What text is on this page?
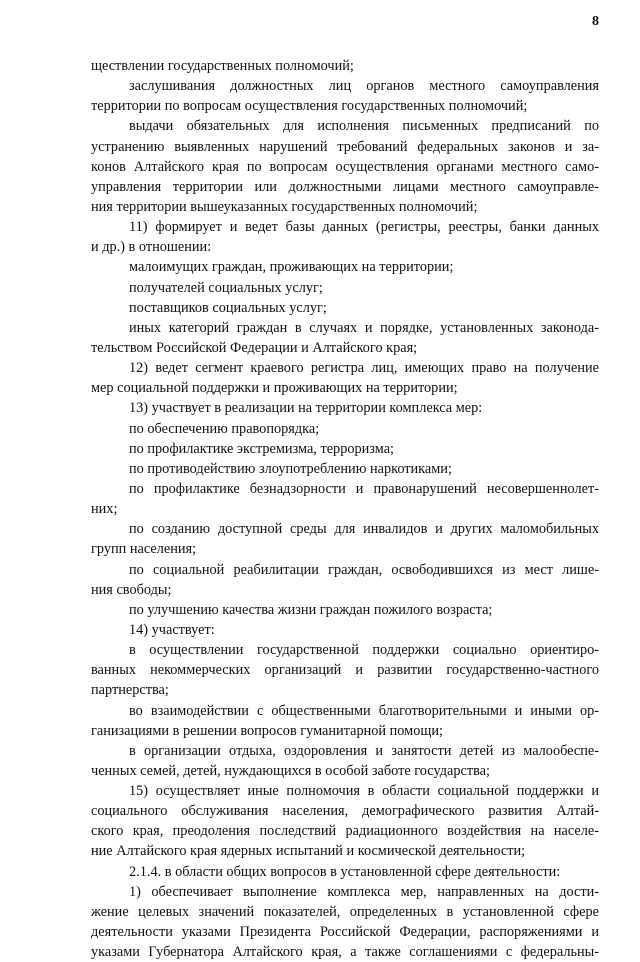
8
ществлении государственных полномочий;
заслушивания должностных лиц органов местного самоуправления
территории по вопросам осуществления государственных полномочий;
выдачи обязательных для исполнения письменных предписаний по
устранению выявленных нарушений требований федеральных законов и за-
конов Алтайского края по вопросам осуществления органами местного само-
управления территории или должностными лицами местного самоуправле-
ния территории вышеуказанных государственных полномочий;
11) формирует и ведет базы данных (регистры, реестры, банки данных
и др.) в отношении:
малоимущих граждан, проживающих на территории;
получателей социальных услуг;
поставщиков социальных услуг;
иных категорий граждан в случаях и порядке, установленных законода-
тельством Российской Федерации и Алтайского края;
12) ведет сегмент краевого регистра лиц, имеющих право на получение
мер социальной поддержки и проживающих на территории;
13) участвует в реализации на территории комплекса мер:
по обеспечению правопорядка;
по профилактике экстремизма, терроризма;
по противодействию злоупотреблению наркотиками;
по профилактике безнадзорности и правонарушений несовершеннолет-
них;
по созданию доступной среды для инвалидов и других маломобильных
групп населения;
по социальной реабилитации граждан, освободившихся из мест лише-
ния свободы;
по улучшению качества жизни граждан пожилого возраста;
14) участвует:
в осуществлении государственной поддержки социально ориентиро-
ванных некоммерческих организаций и развитии государственно-частного
партнерства;
во взаимодействии с общественными благотворительными и иными ор-
ганизациями в решении вопросов гуманитарной помощи;
в организации отдыха, оздоровления и занятости детей из малообеспе-
ченных семей, детей, нуждающихся в особой заботе государства;
15) осуществляет иные полномочия в области социальной поддержки и
социального обслуживания населения, демографического развития Алтай-
ского края, преодоления последствий радиационного воздействия на населе-
ние Алтайского края ядерных испытаний и космической деятельности;
2.1.4. в области общих вопросов в установленной сфере деятельности:
1) обеспечивает выполнение комплекса мер, направленных на дости-
жение целевых значений показателей, определенных в установленной сфере
деятельности указами Президента Российской Федерации, распоряжениями и
указами Губернатора Алтайского края, а также соглашениями с федеральны-
